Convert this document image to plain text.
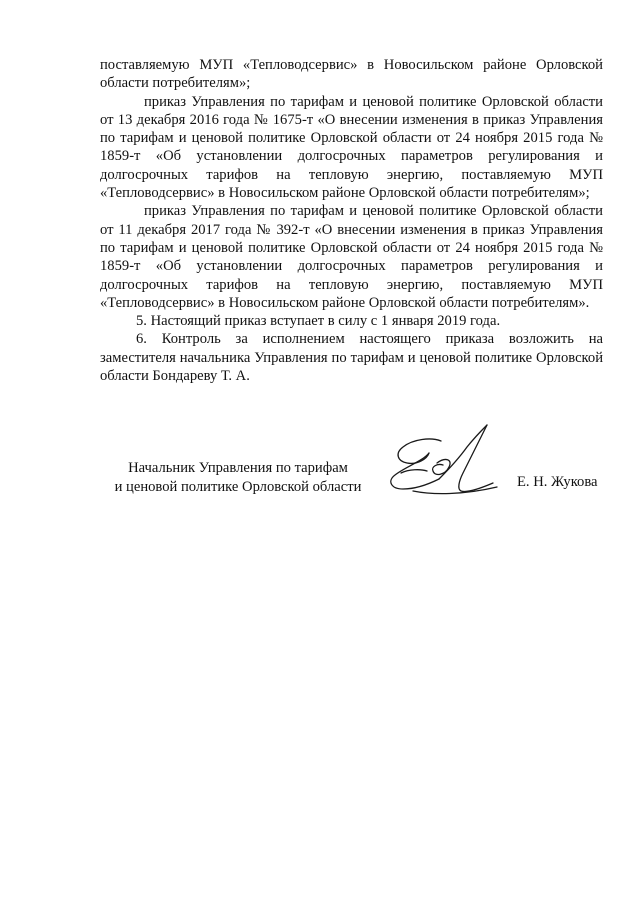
поставляемую МУП «Тепловодсервис» в Новосильском районе Орловской области потребителям»;

приказ Управления по тарифам и ценовой политике Орловской области от 13 декабря 2016 года № 1675-т «О внесении изменения в приказ Управления по тарифам и ценовой политике Орловской области от 24 ноября 2015 года № 1859-т «Об установлении долгосрочных параметров регулирования и долгосрочных тарифов на тепловую энергию, поставляемую МУП «Тепловодсервис» в Новосильском районе Орловской области потребителям»;

приказ Управления по тарифам и ценовой политике Орловской области от 11 декабря 2017 года № 392-т «О внесении изменения в приказ Управления по тарифам и ценовой политике Орловской области от 24 ноября 2015 года № 1859-т «Об установлении долгосрочных параметров регулирования и долгосрочных тарифов на тепловую энергию, поставляемую МУП «Тепловодсервис» в Новосильском районе Орловской области потребителям».

5. Настоящий приказ вступает в силу с 1 января 2019 года.

6. Контроль за исполнением настоящего приказа возложить на заместителя начальника Управления по тарифам и ценовой политике Орловской области Бондареву Т. А.

Начальник Управления по тарифам
и ценовой политике Орловской области	Е. Н. Жукова
